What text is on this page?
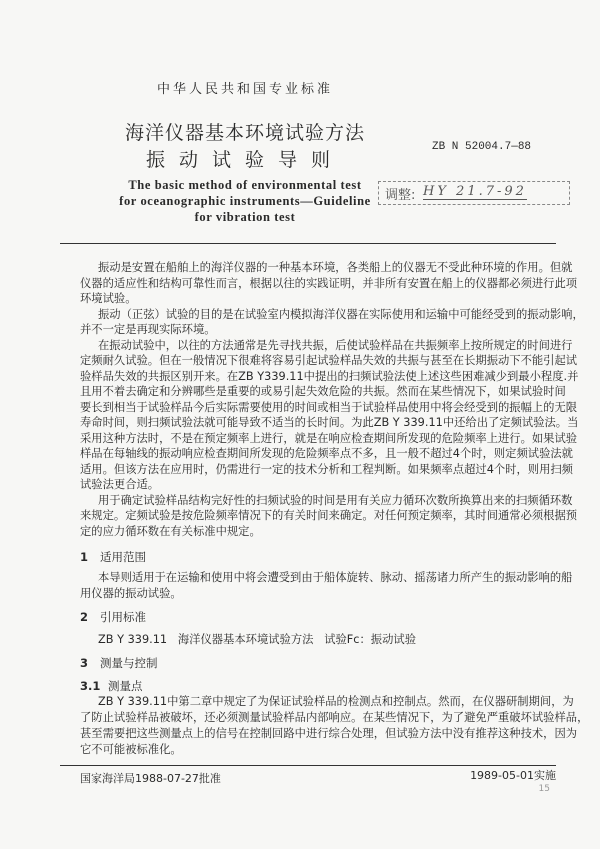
中华人民共和国专业标准
海洋仪器基本环境试验方法
振动试验导则
ZB N 52004.7—88
The basic method of environmental test
for oceanographic instruments—Guideline
for vibration test
调整: HY 21.7-92
振动是安置在船舶上的海洋仪器的一种基本环境，各类船上的仪器无不受此种环境的作用。但就
仪器的适应性和结构可靠性而言，根据以往的实践证明，并非所有安置在船上的仪器都必须进行此项
环境试验。
振动（正弦）试验的目的是在试验室内模拟海洋仪器在实际使用和运输中可能经受到的振动影响，
并不一定是再现实际环境。
在振动试验中，以往的方法通常是先寻找共振，后使试验样品在共振频率上按所规定的时间进行
定频耐久试验。但在一般情况下很难将容易引起试验样品失效的共振与甚至在长期振动下不能引起试
验样品失效的共振区别开来。在ZB Y339.11中提出的扫频试验法使上述这些困难减少到最小程度.并
且用不着去确定和分辨哪些是重要的或易引起失效危险的共振。然而在某些情况下，如果试验时间
要长到相当于试验样品今后实际需要使用的时间或相当于试验样品使用中将会经受到的振幅上的无限
寿命时间，则扫频试验法就可能导致不适当的长时间。为此ZB Y 339.11中还给出了定频试验法。当
采用这种方法时，不是在预定频率上进行，就是在响应检查期间所发现的危险频率上进行。如果试验
样品在每轴线的振动响应检查期间所发现的危险频率点不多，且一般不超过4个时，则定频试验法就
适用。但该方法在应用时，仍需进行一定的技术分析和工程判断。如果频率点超过4个时，则用扫频
试验法更合适。
用于确定试验样品结构完好性的扫频试验的时间是用有关应力循环次数所换算出来的扫频循环数
来规定。定频试验是按危险频率情况下的有关时间来确定。对任何预定频率，其时间通常必须根据预
定的应力循环数在有关标准中规定。
1 适用范围
本导则适用于在运输和使用中将会遭受到由于船体旋转、脉动、摇荡诸力所产生的振动影响的船
用仪器的振动试验。
2 引用标准
ZB Y 339.11   海洋仪器基本环境试验方法   试验Fc：振动试验
3 测量与控制
3.1 测量点
ZB Y 339.11中第二章中规定了为保证试验样品的检测点和控制点。然而，在仪器研制期间，为
了防止试验样品被破坏，还必须测量试验样品内部响应。在某些情况下，为了避免严重破坏试验样品，
甚至需要把这些测量点上的信号在控制回路中进行综合处理，但试验方法中没有推荐这种技术，因为
它不可能被标准化。
国家海洋局1988-07-27批准	1989-05-01实施
15
